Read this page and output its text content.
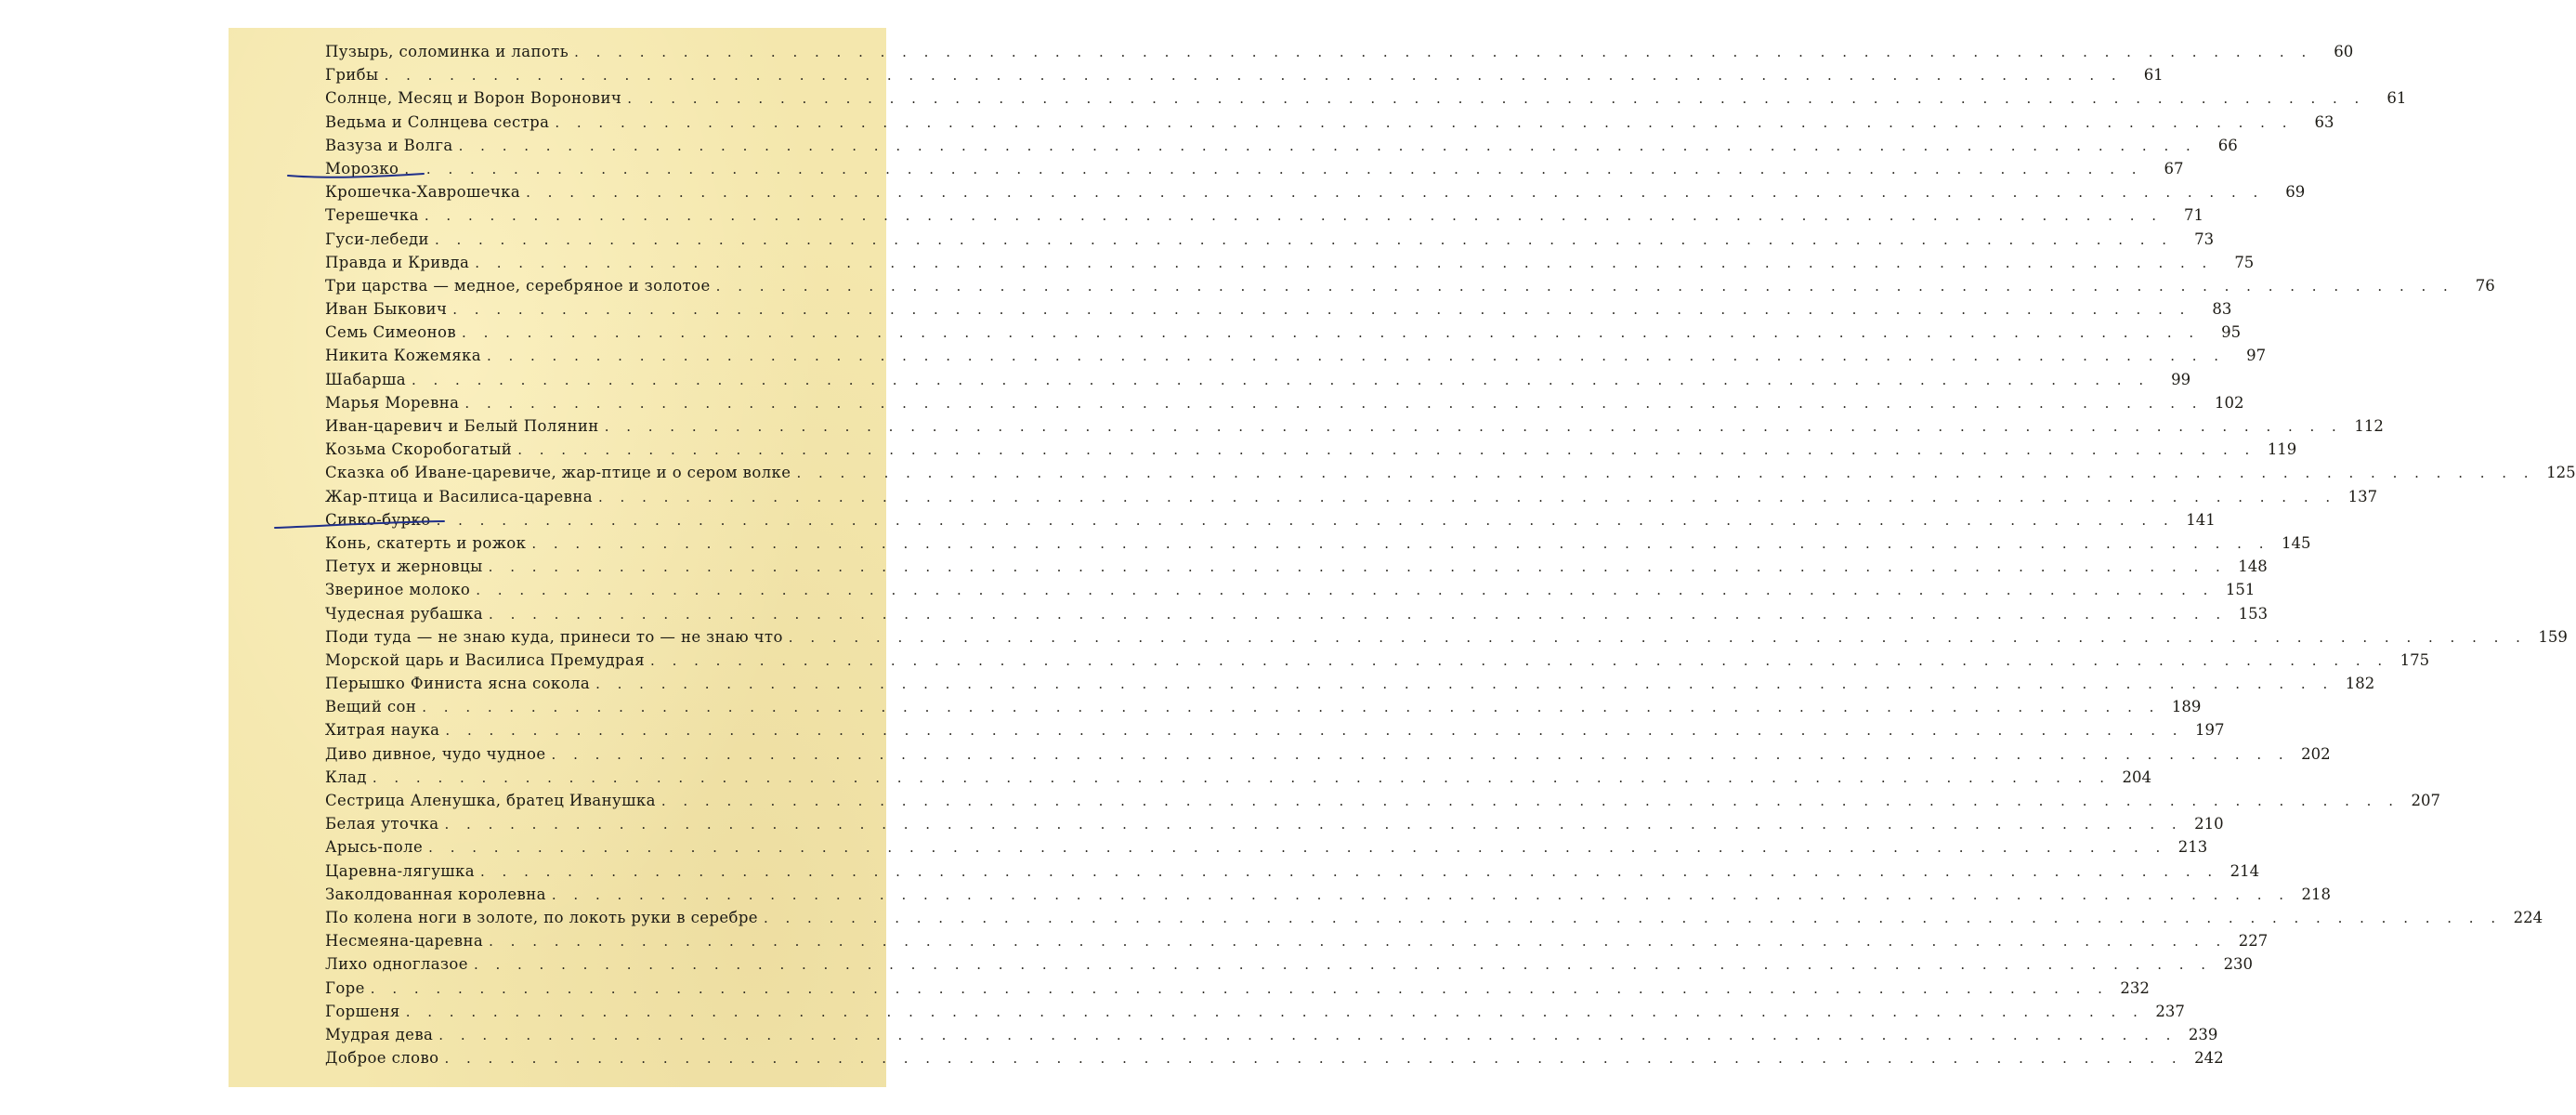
Пузырь, соломинка и лапоть . . . . . . . . . . . . . . . . . . . . . . . . . . . . . . . . . . . . . . . . . . . . . . . . . . . . . . . . . . . . . . . . . . . . . . . . . . . . . . . .	60
Грибы . . . . . . . . . . . . . . . . . . . . . . . . . . . . . . . . . . . . . . . . . . . . . . . . . . . . . . . . . . . . . . . . . . . . . . . . . . . . . . . .	61
Солнце, Месяц и Ворон Воронович . . . . . . . . . . . . . . . . . . . . . . . . . . . . . . . . . . . . . . . . . . . . . . . . . . . . . . . . . . . . . . . . . . . . . . . . . . . . . . . .	61
Ведьма и Солнцева сестра . . . . . . . . . . . . . . . . . . . . . . . . . . . . . . . . . . . . . . . . . . . . . . . . . . . . . . . . . . . . . . . . . . . . . . . . . . . . . . . .	63
Вазуза и Волга . . . . . . . . . . . . . . . . . . . . . . . . . . . . . . . . . . . . . . . . . . . . . . . . . . . . . . . . . . . . . . . . . . . . . . . . . . . . . . . .	66
Морозко . . . . . . . . . . . . . . . . . . . . . . . . . . . . . . . . . . . . . . . . . . . . . . . . . . . . . . . . . . . . . . . . . . . . . . . . . . . . . . . .	67
Крошечка-Хаврошечка . . . . . . . . . . . . . . . . . . . . . . . . . . . . . . . . . . . . . . . . . . . . . . . . . . . . . . . . . . . . . . . . . . . . . . . . . . . . . . . .	69
Терешечка . . . . . . . . . . . . . . . . . . . . . . . . . . . . . . . . . . . . . . . . . . . . . . . . . . . . . . . . . . . . . . . . . . . . . . . . . . . . . . . .	71
Гуси-лебеди . . . . . . . . . . . . . . . . . . . . . . . . . . . . . . . . . . . . . . . . . . . . . . . . . . . . . . . . . . . . . . . . . . . . . . . . . . . . . . . .	73
Правда и Кривда . . . . . . . . . . . . . . . . . . . . . . . . . . . . . . . . . . . . . . . . . . . . . . . . . . . . . . . . . . . . . . . . . . . . . . . . . . . . . . . .	75
Три царства — медное, серебряное и золотое . . . . . . . . . . . . . . . . . . . . . . . . . . . . . . . . . . . . . . . . . . . . . . . . . . . . . . . . . . . . . . . . . . . . . . . . . . . . . . . .	76
Иван Быкович . . . . . . . . . . . . . . . . . . . . . . . . . . . . . . . . . . . . . . . . . . . . . . . . . . . . . . . . . . . . . . . . . . . . . . . . . . . . . . . .	83
Семь Симеонов . . . . . . . . . . . . . . . . . . . . . . . . . . . . . . . . . . . . . . . . . . . . . . . . . . . . . . . . . . . . . . . . . . . . . . . . . . . . . . . .	95
Никита Кожемяка . . . . . . . . . . . . . . . . . . . . . . . . . . . . . . . . . . . . . . . . . . . . . . . . . . . . . . . . . . . . . . . . . . . . . . . . . . . . . . . .	97
Шабарша . . . . . . . . . . . . . . . . . . . . . . . . . . . . . . . . . . . . . . . . . . . . . . . . . . . . . . . . . . . . . . . . . . . . . . . . . . . . . . . .	99
Марья Моревна . . . . . . . . . . . . . . . . . . . . . . . . . . . . . . . . . . . . . . . . . . . . . . . . . . . . . . . . . . . . . . . . . . . . . . . . . . . . . . . . 102
Иван-царевич и Белый Полянин . . . . . . . . . . . . . . . . . . . . . . . . . . . . . . . . . . . . . . . . . . . . . . . . . . . . . . . . . . . . . . . . . . . . . . . . . . . . . . . . 112
Козьма Скоробогатый . . . . . . . . . . . . . . . . . . . . . . . . . . . . . . . . . . . . . . . . . . . . . . . . . . . . . . . . . . . . . . . . . . . . . . . . . . . . . . . . 119
Сказка об Иване-царевиче, жар-птице и о сером волке . . . . . . . . . . . . . . . . . . . . . . . . . . . . . . . . . . . . . . . . . . . . . . . . . . . . . . . . . . . . . . . . . . . . . . . . . . . . . . . . 125
Жар-птица и Василиса-царевна . . . . . . . . . . . . . . . . . . . . . . . . . . . . . . . . . . . . . . . . . . . . . . . . . . . . . . . . . . . . . . . . . . . . . . . . . . . . . . . . 137
Сивко-бурко . . . . . . . . . . . . . . . . . . . . . . . . . . . . . . . . . . . . . . . . . . . . . . . . . . . . . . . . . . . . . . . . . . . . . . . . . . . . . . . . 141
Конь, скатерть и рожок . . . . . . . . . . . . . . . . . . . . . . . . . . . . . . . . . . . . . . . . . . . . . . . . . . . . . . . . . . . . . . . . . . . . . . . . . . . . . . . . 145
Петух и жерновцы . . . . . . . . . . . . . . . . . . . . . . . . . . . . . . . . . . . . . . . . . . . . . . . . . . . . . . . . . . . . . . . . . . . . . . . . . . . . . . . . 148
Звериное молоко . . . . . . . . . . . . . . . . . . . . . . . . . . . . . . . . . . . . . . . . . . . . . . . . . . . . . . . . . . . . . . . . . . . . . . . . . . . . . . . . 151
Чудесная рубашка . . . . . . . . . . . . . . . . . . . . . . . . . . . . . . . . . . . . . . . . . . . . . . . . . . . . . . . . . . . . . . . . . . . . . . . . . . . . . . . . 153
Поди туда — не знаю куда, принеси то — не знаю что . . . . . . . . . . . . . . . . . . . . . . . . . . . . . . . . . . . . . . . . . . . . . . . . . . . . . . . . . . . . . . . . . . . . . . . . . . . . . . . . 159
Морской царь и Василиса Премудрая . . . . . . . . . . . . . . . . . . . . . . . . . . . . . . . . . . . . . . . . . . . . . . . . . . . . . . . . . . . . . . . . . . . . . . . . . . . . . . . . 175
Перышко Финиста ясна сокола . . . . . . . . . . . . . . . . . . . . . . . . . . . . . . . . . . . . . . . . . . . . . . . . . . . . . . . . . . . . . . . . . . . . . . . . . . . . . . . . 182
Вещий сон . . . . . . . . . . . . . . . . . . . . . . . . . . . . . . . . . . . . . . . . . . . . . . . . . . . . . . . . . . . . . . . . . . . . . . . . . . . . . . . . 189
Хитрая наука . . . . . . . . . . . . . . . . . . . . . . . . . . . . . . . . . . . . . . . . . . . . . . . . . . . . . . . . . . . . . . . . . . . . . . . . . . . . . . . . 197
Диво дивное, чудо чудное . . . . . . . . . . . . . . . . . . . . . . . . . . . . . . . . . . . . . . . . . . . . . . . . . . . . . . . . . . . . . . . . . . . . . . . . . . . . . . . . 202
Клад . . . . . . . . . . . . . . . . . . . . . . . . . . . . . . . . . . . . . . . . . . . . . . . . . . . . . . . . . . . . . . . . . . . . . . . . . . . . . . . . 204
Сестрица Аленушка, братец Иванушка . . . . . . . . . . . . . . . . . . . . . . . . . . . . . . . . . . . . . . . . . . . . . . . . . . . . . . . . . . . . . . . . . . . . . . . . . . . . . . . . 207
Белая уточка . . . . . . . . . . . . . . . . . . . . . . . . . . . . . . . . . . . . . . . . . . . . . . . . . . . . . . . . . . . . . . . . . . . . . . . . . . . . . . . . 210
Арысь-поле . . . . . . . . . . . . . . . . . . . . . . . . . . . . . . . . . . . . . . . . . . . . . . . . . . . . . . . . . . . . . . . . . . . . . . . . . . . . . . . . 213
Царевна-лягушка . . . . . . . . . . . . . . . . . . . . . . . . . . . . . . . . . . . . . . . . . . . . . . . . . . . . . . . . . . . . . . . . . . . . . . . . . . . . . . . . 214
Заколдованная королевна . . . . . . . . . . . . . . . . . . . . . . . . . . . . . . . . . . . . . . . . . . . . . . . . . . . . . . . . . . . . . . . . . . . . . . . . . . . . . . . . 218
По колена ноги в золоте, по локоть руки в серебре . . . . . . . . . . . . . . . . . . . . . . . . . . . . . . . . . . . . . . . . . . . . . . . . . . . . . . . . . . . . . . . . . . . . . . . . . . . . . . . . 224
Несмеяна-царевна . . . . . . . . . . . . . . . . . . . . . . . . . . . . . . . . . . . . . . . . . . . . . . . . . . . . . . . . . . . . . . . . . . . . . . . . . . . . . . . . 227
Лихо одноглазое . . . . . . . . . . . . . . . . . . . . . . . . . . . . . . . . . . . . . . . . . . . . . . . . . . . . . . . . . . . . . . . . . . . . . . . . . . . . . . . . 230
Горе . . . . . . . . . . . . . . . . . . . . . . . . . . . . . . . . . . . . . . . . . . . . . . . . . . . . . . . . . . . . . . . . . . . . . . . . . . . . . . . . 232
Горшеня . . . . . . . . . . . . . . . . . . . . . . . . . . . . . . . . . . . . . . . . . . . . . . . . . . . . . . . . . . . . . . . . . . . . . . . . . . . . . . . . 237
Мудрая дева . . . . . . . . . . . . . . . . . . . . . . . . . . . . . . . . . . . . . . . . . . . . . . . . . . . . . . . . . . . . . . . . . . . . . . . . . . . . . . . . 239
Доброе слово . . . . . . . . . . . . . . . . . . . . . . . . . . . . . . . . . . . . . . . . . . . . . . . . . . . . . . . . . . . . . . . . . . . . . . . . . . . . . . . . 242
